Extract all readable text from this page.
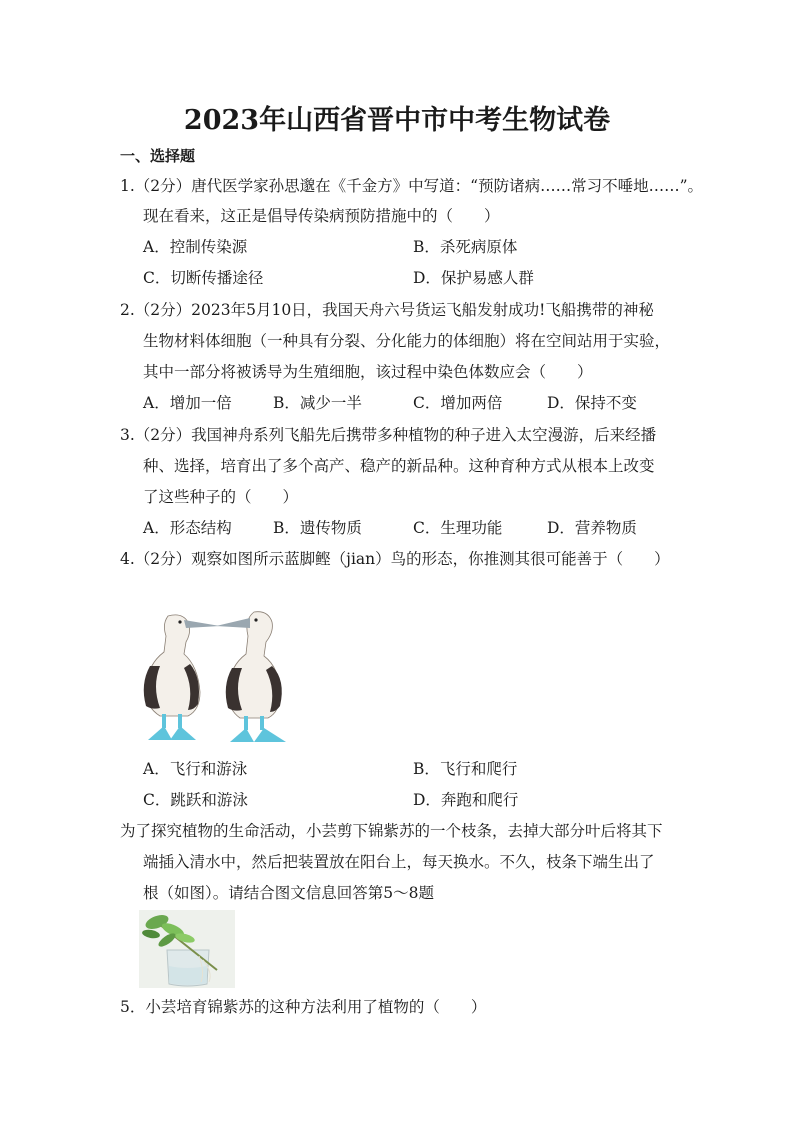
2023年山西省晋中市中考生物试卷
一、选择题
1.（2分）唐代医学家孙思邈在《千金方》中写道：“预防诸病……常习不唾地……”。
现在看来，这正是倡导传染病预防措施中的（　　）
A．控制传染源	B．杀死病原体
C．切断传播途径	D．保护易感人群
2.（2分）2023年5月10日，我国天舟六号货运飞船发射成功!飞船携带的神秘
生物材料体细胞（一种具有分裂、分化能力的体细胞）将在空间站用于实验，
其中一部分将被诱导为生殖细胞，该过程中染色体数应会（　　）
A．增加一倍	B．减少一半	C．增加两倍	D．保持不变
3.（2分）我国神舟系列飞船先后携带多种植物的种子进入太空漫游，后来经播
种、选择，培育出了多个高产、稳产的新品种。这种育种方式从根本上改变
了这些种子的（　　）
A．形态结构	B．遗传物质	C．生理功能	D．营养物质
4.（2分）观察如图所示蓝脚鲣（jian）鸟的形态，你推测其很可能善于（　　）
A．飞行和游泳	B．飞行和爬行
C．跳跃和游泳	D．奔跑和爬行
为了探究植物的生命活动，小芸剪下锦紫苏的一个枝条，去掉大部分叶后将其下
端插入清水中，然后把装置放在阳台上，每天换水。不久，枝条下端生出了
根（如图）。请结合图文信息回答第5～8题
5．小芸培育锦紫苏的这种方法利用了植物的（　　）
